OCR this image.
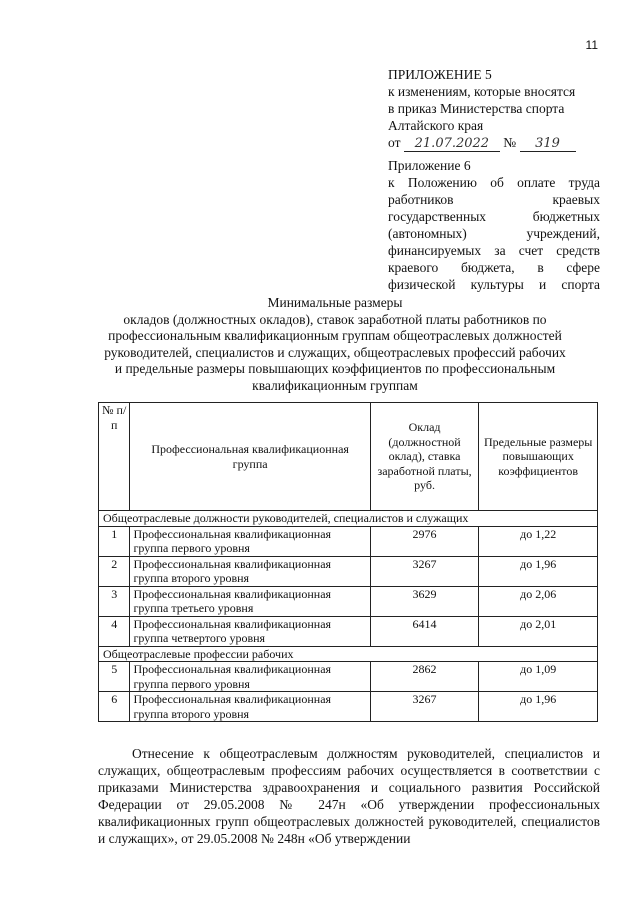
11
ПРИЛОЖЕНИЕ 5
к изменениям, которые вносятся
в приказ Министерства спорта
Алтайского края
от 21.07.2022 № 319
Приложение 6
к Положению об оплате труда работников краевых государственных бюджетных (автономных) учреждений, финансируемых за счет средств краевого бюджета, в сфере физической культуры и спорта
Минимальные размеры
окладов (должностных окладов), ставок заработной платы работников по
профессиональным квалификационным группам общеотраслевых должностей
руководителей, специалистов и служащих, общеотраслевых профессий рабочих
и предельные размеры повышающих коэффициентов по профессиональным
квалификационным группам
№ п/п	Профессиональная квалификационная группа	Оклад (должностной оклад), ставка заработной платы, руб.	Предельные размеры повышающих коэффициентов
Общеотраслевые должности руководителей, специалистов и служащих			
1	Профессиональная квалификационная группа первого уровня	2976	до 1,22
2	Профессиональная квалификационная группа второго уровня	3267	до 1,96
3	Профессиональная квалификационная группа третьего уровня	3629	до 2,06
4	Профессиональная квалификационная группа четвертого уровня	6414	до 2,01
Общеотраслевые профессии рабочих			
5	Профессиональная квалификационная группа первого уровня	2862	до 1,09
6	Профессиональная квалификационная группа второго уровня	3267	до 1,96

Отнесение к общеотраслевым должностям руководителей, специалистов и служащих, общеотраслевым профессиям рабочих осуществляется в соответствии с приказами Министерства здравоохранения и социального развития Российской Федерации от 29.05.2008 № 247н «Об утверждении профессиональных квалификационных групп общеотраслевых должностей руководителей, специалистов и служащих», от 29.05.2008 № 248н «Об утверждении
